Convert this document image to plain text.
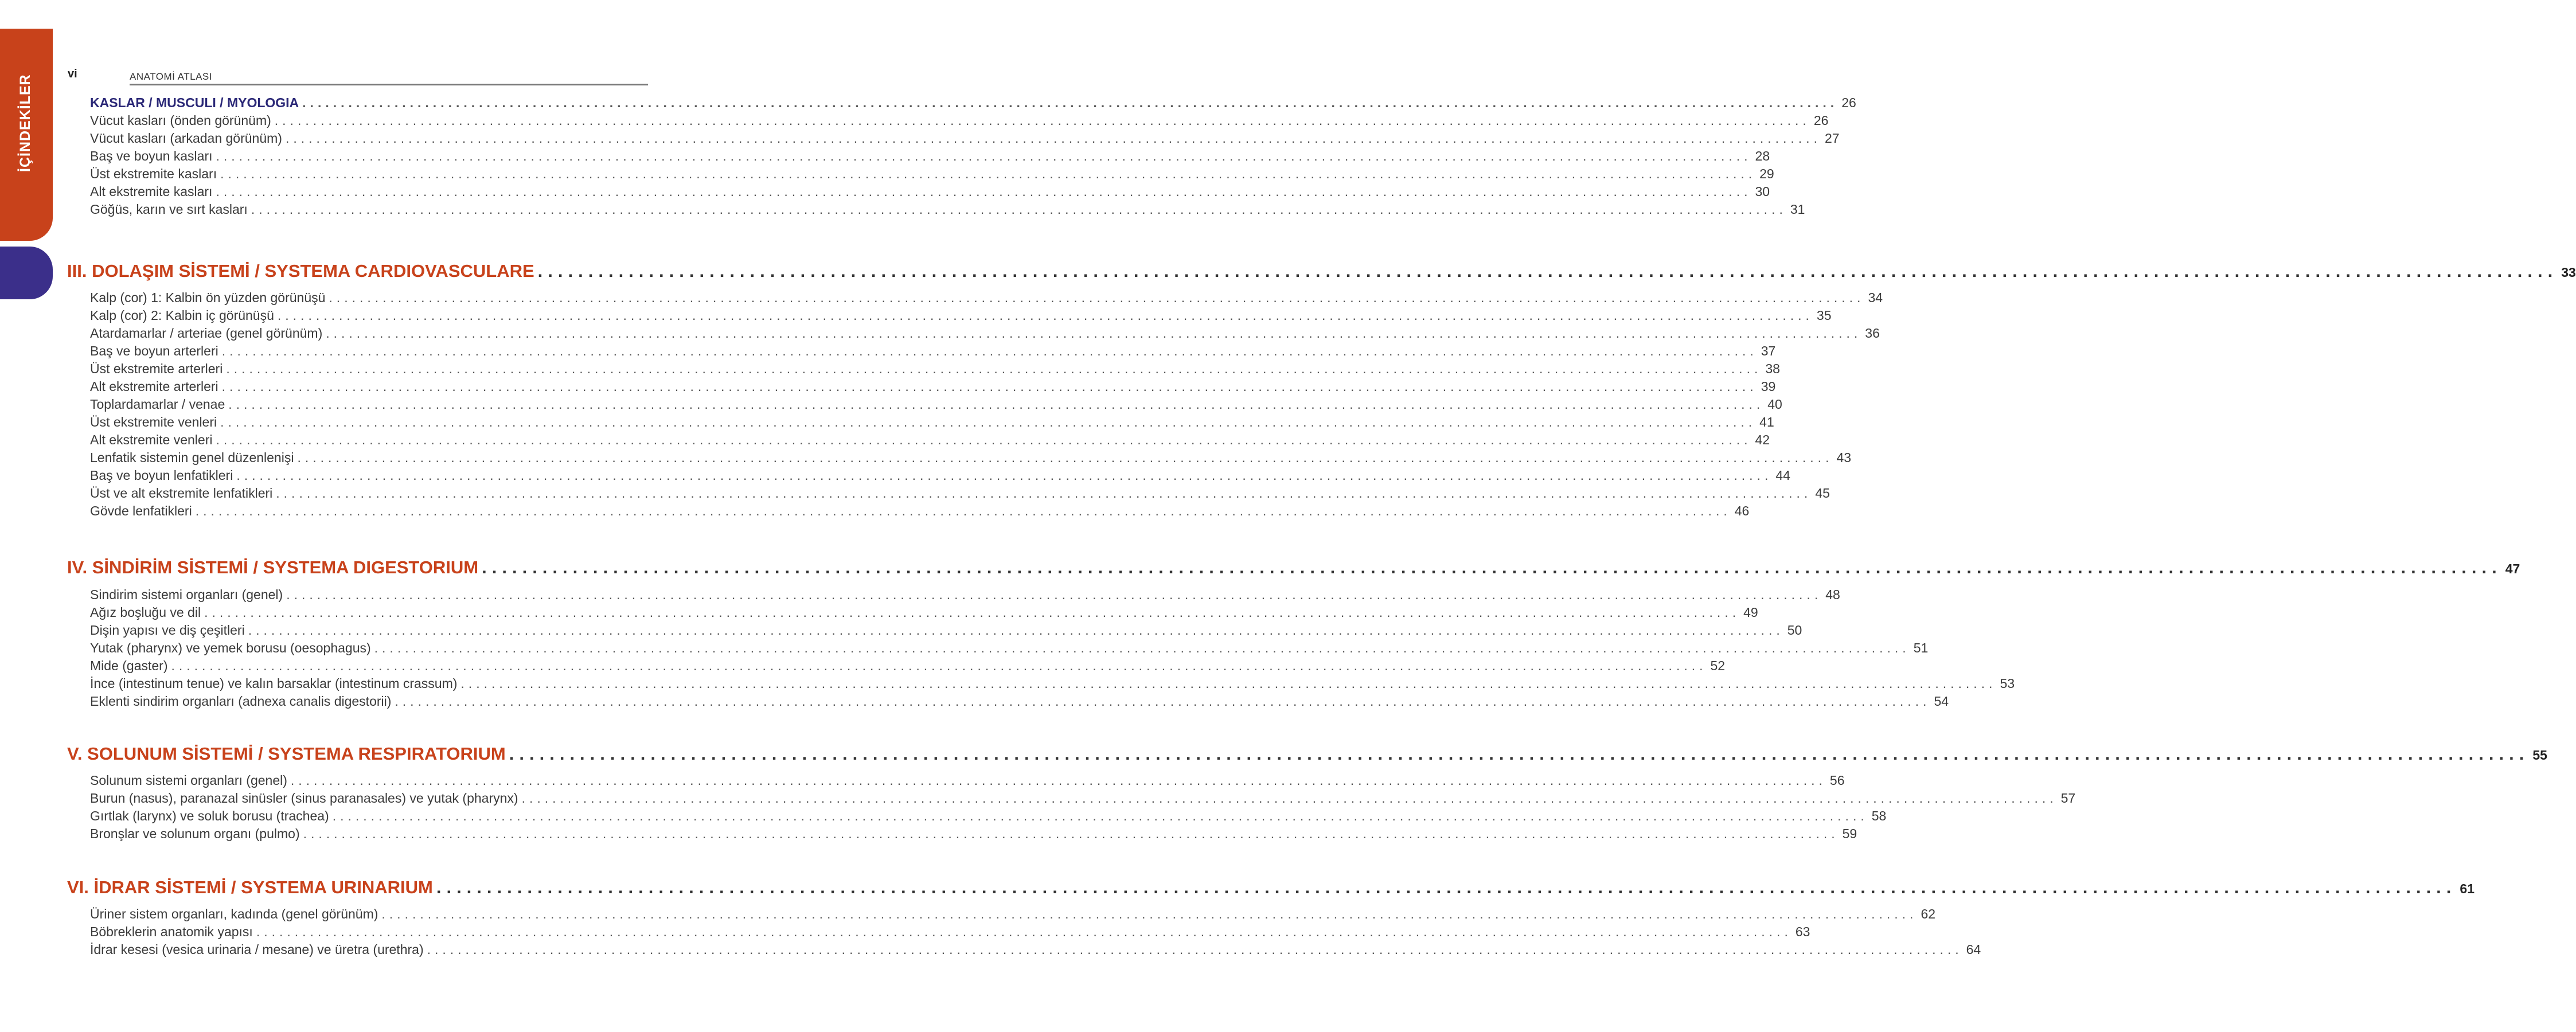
İÇİNDEKİLER
vi	ANATOMİ ATLASI
KASLAR / MUSCULI / MYOLOGIA ........................................................................................................................................................................................................ 26
Vücut kasları (önden görünüm) ........................................................................................................................................................................................................ 26
Vücut kasları (arkadan görünüm) ........................................................................................................................................................................................................ 27
Baş ve boyun kasları ........................................................................................................................................................................................................ 28
Üst ekstremite kasları ........................................................................................................................................................................................................ 29
Alt ekstremite kasları ........................................................................................................................................................................................................ 30
Göğüs, karın ve sırt kasları ........................................................................................................................................................................................................ 31
III. DOLAŞIM SİSTEMİ / SYSTEMA CARDIOVASCULARE ........................................................................................................................................................................................................ 33
Kalp (cor) 1: Kalbin ön yüzden görünüşü ........................................................................................................................................................................................................ 34
Kalp (cor) 2: Kalbin iç görünüşü ........................................................................................................................................................................................................ 35
Atardamarlar / arteriae (genel görünüm) ........................................................................................................................................................................................................ 36
Baş ve boyun arterleri ........................................................................................................................................................................................................ 37
Üst ekstremite arterleri ........................................................................................................................................................................................................ 38
Alt ekstremite arterleri ........................................................................................................................................................................................................ 39
Toplardamarlar / venae ........................................................................................................................................................................................................ 40
Üst ekstremite venleri ........................................................................................................................................................................................................ 41
Alt ekstremite venleri ........................................................................................................................................................................................................ 42
Lenfatik sistemin genel düzenlenişi ........................................................................................................................................................................................................ 43
Baş ve boyun lenfatikleri ........................................................................................................................................................................................................ 44
Üst ve alt ekstremite lenfatikleri ........................................................................................................................................................................................................ 45
Gövde lenfatikleri ........................................................................................................................................................................................................ 46
IV. SİNDİRİM SİSTEMİ / SYSTEMA DIGESTORIUM ........................................................................................................................................................................................................ 47
Sindirim sistemi organları (genel) ........................................................................................................................................................................................................ 48
Ağız boşluğu ve dil ........................................................................................................................................................................................................ 49
Dişin yapısı ve diş çeşitleri ........................................................................................................................................................................................................ 50
Yutak (pharynx) ve yemek borusu (oesophagus) ........................................................................................................................................................................................................ 51
Mide (gaster) ........................................................................................................................................................................................................ 52
İnce (intestinum tenue) ve kalın barsaklar (intestinum crassum) ........................................................................................................................................................................................................ 53
Eklenti sindirim organları (adnexa canalis digestorii) ........................................................................................................................................................................................................ 54
V. SOLUNUM SİSTEMİ / SYSTEMA RESPIRATORIUM ........................................................................................................................................................................................................ 55
Solunum sistemi organları (genel) ........................................................................................................................................................................................................ 56
Burun (nasus), paranazal sinüsler (sinus paranasales) ve yutak (pharynx) ........................................................................................................................................................................................................ 57
Gırtlak (larynx) ve soluk borusu (trachea) ........................................................................................................................................................................................................ 58
Bronşlar ve solunum organı (pulmo) ........................................................................................................................................................................................................ 59
VI. İDRAR SİSTEMİ / SYSTEMA URINARIUM ........................................................................................................................................................................................................ 61
Üriner sistem organları, kadında (genel görünüm) ........................................................................................................................................................................................................ 62
Böbreklerin anatomik yapısı ........................................................................................................................................................................................................ 63
İdrar kesesi (vesica urinaria / mesane) ve üretra (urethra) ........................................................................................................................................................................................................ 64
